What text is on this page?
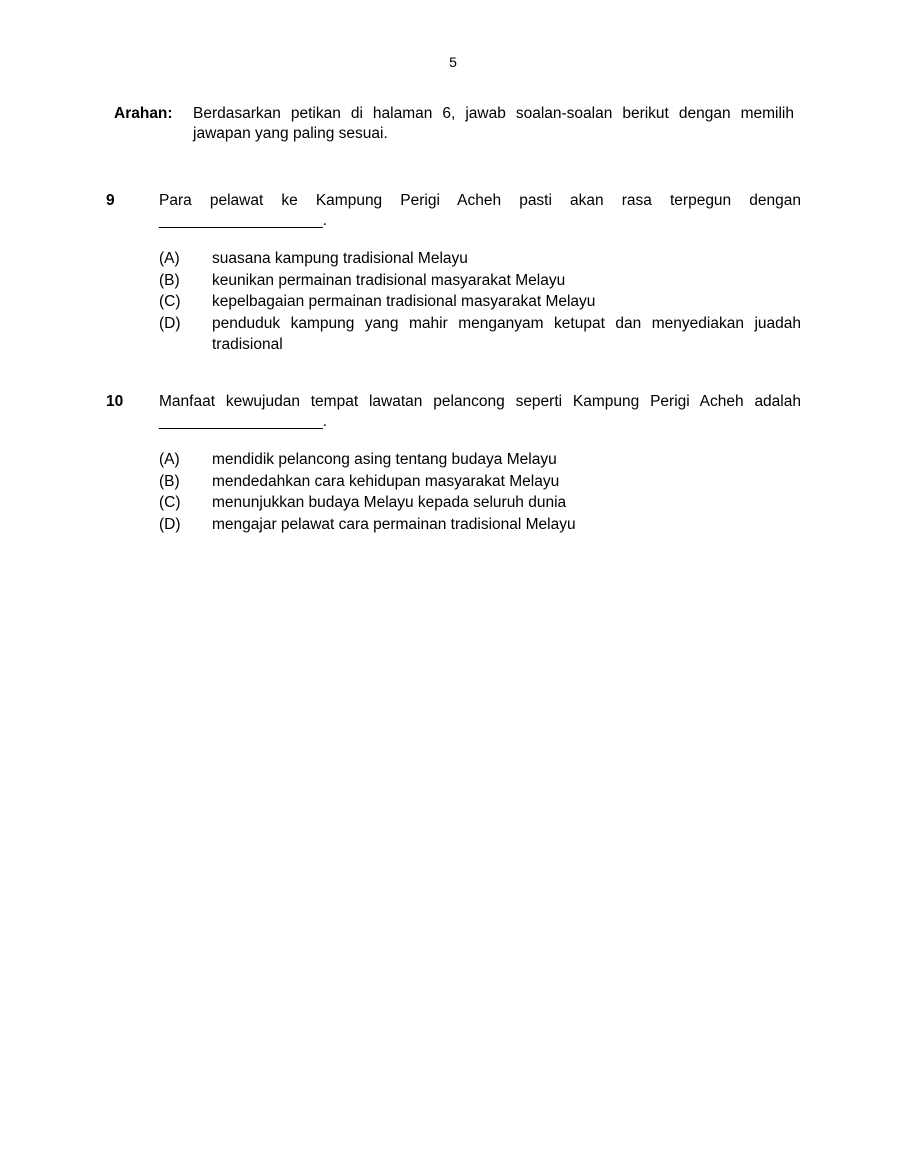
5
Arahan: Berdasarkan petikan di halaman 6, jawab soalan-soalan berikut dengan memilih jawapan yang paling sesuai.
9	Para pelawat ke Kampung Perigi Acheh pasti akan rasa terpegun dengan
___________________.
(A) suasana kampung tradisional Melayu
(B) keunikan permainan tradisional masyarakat Melayu
(C) kepelbagaian permainan tradisional masyarakat Melayu
(D) penduduk kampung yang mahir menganyam ketupat dan menyediakan juadah tradisional
10 Manfaat kewujudan tempat lawatan pelancong seperti Kampung Perigi Acheh adalah
___________________.
(A) mendidik pelancong asing tentang budaya Melayu
(B) mendedahkan cara kehidupan masyarakat Melayu
(C) menunjukkan budaya Melayu kepada seluruh dunia
(D) mengajar pelawat cara permainan tradisional Melayu
